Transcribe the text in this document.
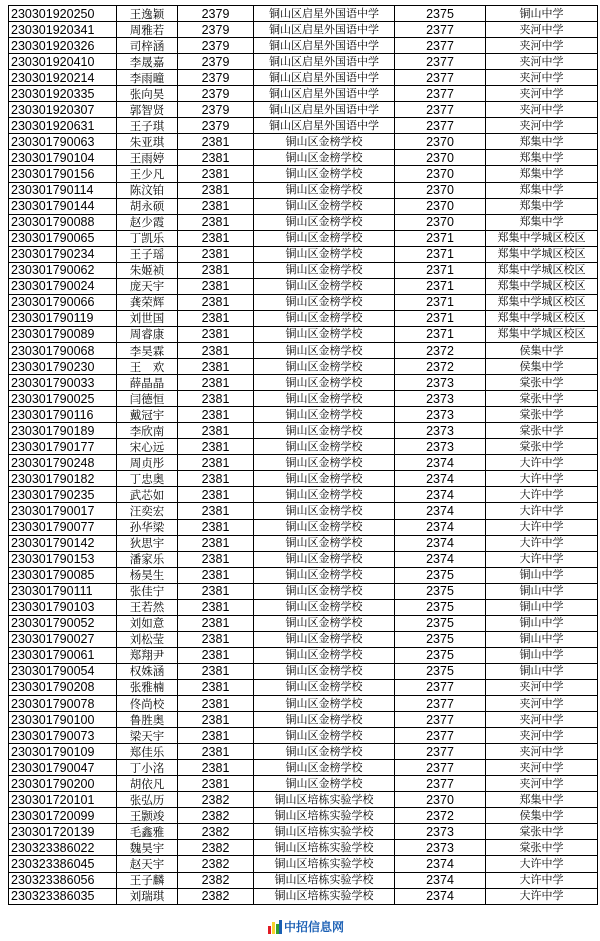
230301920250	王逸颖	2379	铜山区启星外国语中学	2375	铜山中学
230301920341	周雅若	2379	铜山区启星外国语中学	2377	夹河中学
230301920326	司梓涵	2379	铜山区启星外国语中学	2377	夹河中学
230301920410	李晟嘉	2379	铜山区启星外国语中学	2377	夹河中学
230301920214	李雨曈	2379	铜山区启星外国语中学	2377	夹河中学
230301920335	张向昊	2379	铜山区启星外国语中学	2377	夹河中学
230301920307	郭智贤	2379	铜山区启星外国语中学	2377	夹河中学
230301920631	王子琪	2379	铜山区启星外国语中学	2377	夹河中学
230301790063	朱亚琪	2381	铜山区金榜学校	2370	郑集中学
230301790104	王雨婷	2381	铜山区金榜学校	2370	郑集中学
230301790156	王少凡	2381	铜山区金榜学校	2370	郑集中学
230301790114	陈汶铂	2381	铜山区金榜学校	2370	郑集中学
230301790144	胡永硕	2381	铜山区金榜学校	2370	郑集中学
230301790088	赵少霞	2381	铜山区金榜学校	2370	郑集中学
230301790065	丁凯乐	2381	铜山区金榜学校	2371	郑集中学城区校区
230301790234	王子瑶	2381	铜山区金榜学校	2371	郑集中学城区校区
230301790062	朱姬祯	2381	铜山区金榜学校	2371	郑集中学城区校区
230301790024	庞天宇	2381	铜山区金榜学校	2371	郑集中学城区校区
230301790066	龚荣辉	2381	铜山区金榜学校	2371	郑集中学城区校区
230301790119	刘世国	2381	铜山区金榜学校	2371	郑集中学城区校区
230301790089	周睿康	2381	铜山区金榜学校	2371	郑集中学城区校区
230301790068	李昊霖	2381	铜山区金榜学校	2372	侯集中学
230301790230	王　欢	2381	铜山区金榜学校	2372	侯集中学
230301790033	薛晶晶	2381	铜山区金榜学校	2373	棠张中学
230301790025	闫德恒	2381	铜山区金榜学校	2373	棠张中学
230301790116	戴冠宇	2381	铜山区金榜学校	2373	棠张中学
230301790189	李欣南	2381	铜山区金榜学校	2373	棠张中学
230301790177	宋心远	2381	铜山区金榜学校	2373	棠张中学
230301790248	周贞彤	2381	铜山区金榜学校	2374	大许中学
230301790182	丁忠奥	2381	铜山区金榜学校	2374	大许中学
230301790235	武芯如	2381	铜山区金榜学校	2374	大许中学
230301790017	汪奕宏	2381	铜山区金榜学校	2374	大许中学
230301790077	孙华梁	2381	铜山区金榜学校	2374	大许中学
230301790142	狄思宇	2381	铜山区金榜学校	2374	大许中学
230301790153	潘家乐	2381	铜山区金榜学校	2374	大许中学
230301790085	杨昊生	2381	铜山区金榜学校	2375	铜山中学
230301790111	张佳宁	2381	铜山区金榜学校	2375	铜山中学
230301790103	王若然	2381	铜山区金榜学校	2375	铜山中学
230301790052	刘如意	2381	铜山区金榜学校	2375	铜山中学
230301790027	刘松莹	2381	铜山区金榜学校	2375	铜山中学
230301790061	郑翔尹	2381	铜山区金榜学校	2375	铜山中学
230301790054	权姝涵	2381	铜山区金榜学校	2375	铜山中学
230301790208	张雅楠	2381	铜山区金榜学校	2377	夹河中学
230301790078	佟尚校	2381	铜山区金榜学校	2377	夹河中学
230301790100	鲁胜奥	2381	铜山区金榜学校	2377	夹河中学
230301790073	梁天宇	2381	铜山区金榜学校	2377	夹河中学
230301790109	郑佳乐	2381	铜山区金榜学校	2377	夹河中学
230301790047	丁小洺	2381	铜山区金榜学校	2377	夹河中学
230301790200	胡依凡	2381	铜山区金榜学校	2377	夹河中学
230301720101	张弘历	2382	铜山区培栋实验学校	2370	郑集中学
230301720099	王颢竣	2382	铜山区培栋实验学校	2372	侯集中学
230301720139	毛鑫雅	2382	铜山区培栋实验学校	2373	棠张中学
230323386022	魏昊宇	2382	铜山区培栋实验学校	2373	棠张中学
230323386045	赵天宇	2382	铜山区培栋实验学校	2374	大许中学
230323386056	王子麟	2382	铜山区培栋实验学校	2374	大许中学
230323386035	刘瑞琪	2382	铜山区培栋实验学校	2374	大许中学
中招信息网
